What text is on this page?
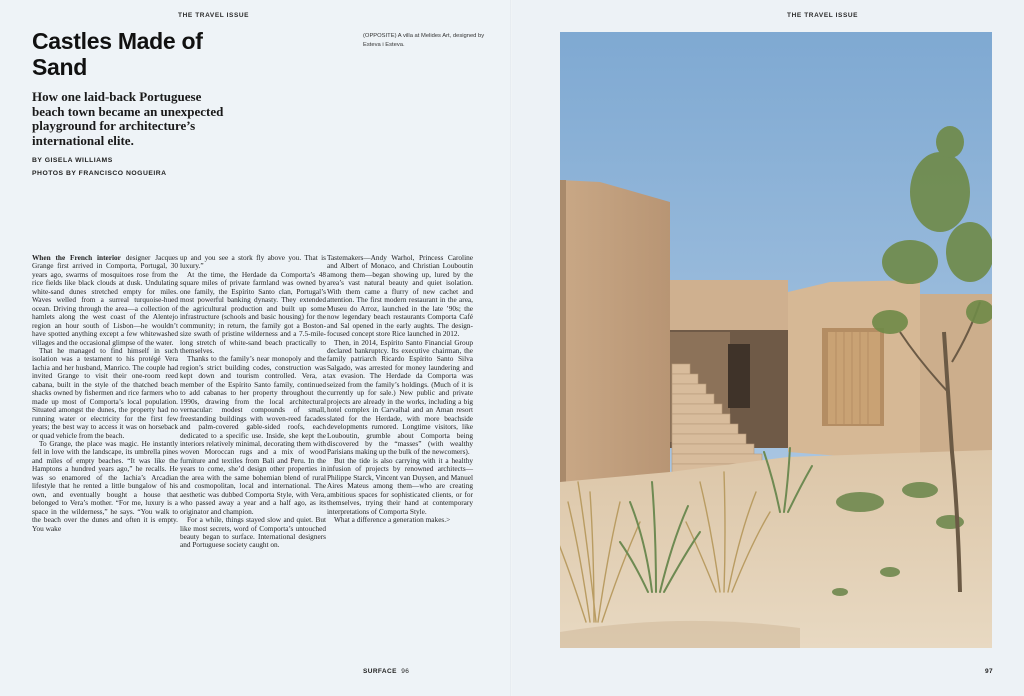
THE TRAVEL ISSUE
Castles Made of Sand

How one laid-back Portuguese beach town became an unexpected playground for architecture’s international elite.

BY GISELA WILLIAMS
PHOTOS BY FRANCISCO NOGUEIRA
(OPPOSITE) A villa at Melides Art, designed by Esteva i Esteva.

When the French interior designer Jacques Grange first arrived in Comporta, Portugal, 30 years ago, swarms of mosquitoes rose from the rice fields like black clouds at dusk. Undulating white-sand dunes stretched empty for miles. Waves welled from a surreal turquoise-hued ocean. Driving through the area—a collection of hamlets along the west coast of the Alentejo region an hour south of Lisbon—he wouldn’t have spotted anything except a few whitewashed villages and the occasional glimpse of the water.

That he managed to find himself in such isolation was a testament to his protégé Vera Iachia and her husband, Manrico. The couple had invited Grange to visit their one-room reed cabana, built in the style of the thatched beach shacks owned by fishermen and rice farmers who made up most of Comporta’s local population. Situated amongst the dunes, the property had no running water or electricity for the first few years; the best way to access it was on horseback or quad vehicle from the beach.

To Grange, the place was magic. He instantly fell in love with the landscape, its umbrella pines and miles of empty beaches. “It was like the Hamptons a hundred years ago,” he recalls. He was so enamored of the Iachia’s Arcadian lifestyle that he rented a little bungalow of his own, and eventually bought a house that belonged to Vera’s mother. “For me, luxury is a space in the wilderness,” he says. “You walk to the beach over the dunes and often it is empty. You wake

up and you see a stork fly above you. That is luxury.”

At the time, the Herdade da Comporta’s 48 square miles of private farmland was owned by one family, the Espírito Santo clan, Portugal’s most powerful banking dynasty. They extended the agricultural production and built up some infrastructure (schools and basic housing) for the community; in return, the family got a Boston-size swath of pristine wilderness and a 7.5-mile-long stretch of white-sand beach practically to themselves.

Thanks to the family’s near monopoly and the region’s strict building codes, construction was kept down and tourism controlled. Vera, a member of the Espírito Santo family, continued to add cabanas to her property throughout the 1990s, drawing from the local architectural vernacular: modest compounds of small, freestanding buildings with woven-reed facades and palm-covered gable-sided roofs, each dedicated to a specific use. Inside, she kept the interiors relatively minimal, decorating them with woven Moroccan rugs and a mix of wood furniture and textiles from Bali and Peru. In the years to come, she’d design other properties in the area with the same bohemian blend of rural and cosmopolitan, local and international. The aesthetic was dubbed Comporta Style, with Vera, who passed away a year and a half ago, as its originator and champion.

For a while, things stayed slow and quiet. But like most secrets, word of Comporta’s untouched beauty began to surface. International designers and Portuguese society caught on.

Tastemakers—Andy Warhol, Princess Caroline and Albert of Monaco, and Christian Louboutin among them—began showing up, lured by the area’s vast natural beauty and quiet isolation. With them came a flurry of new cachet and attention. The first modern restaurant in the area, Museu do Arroz, launched in the late ’90s; the now legendary beach restaurants Comporta Café and Sal opened in the early aughts. The design-focused concept store Rice launched in 2012.

Then, in 2014, Espírito Santo Financial Group declared bankruptcy. Its executive chairman, the family patriarch Ricardo Espírito Santo Silva Salgado, was arrested for money laundering and tax evasion. The Herdade da Comporta was seized from the family’s holdings. (Much of it is currently up for sale.) New public and private projects are already in the works, including a big hotel complex in Carvalhal and an Aman resort slated for the Herdade, with more beachside developments rumored. Longtime visitors, like Louboutin, grumble about Comporta being discovered by the “masses” (with wealthy Parisians making up the bulk of the newcomers).

But the tide is also carrying with it a healthy infusion of projects by renowned architects—Philippe Starck, Vincent van Duysen, and Manuel Aires Mateus among them—who are creating ambitious spaces for sophisticated clients, or for themselves, trying their hand at contemporary interpretations of Comporta Style.

What a difference a generation makes.>

SURFACE 96
THE TRAVEL ISSUE
97
